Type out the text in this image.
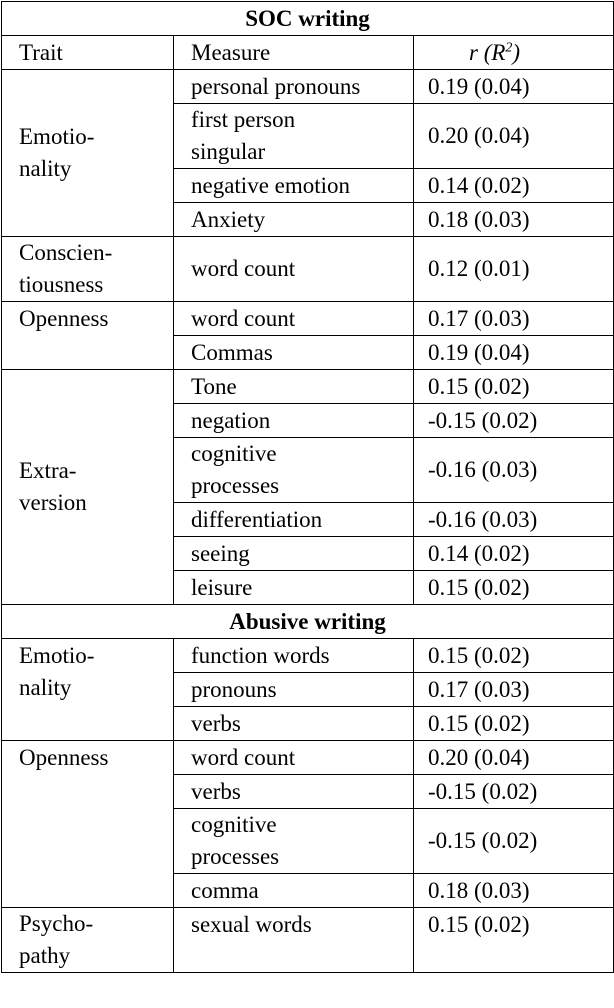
SOC writing		
Trait	Measure	r $(R^2)$
Emotio-
nality	personal pronouns	0.19 (0.04)
	first person
singular	0.20 (0.04)
	negative emotion	0.14 (0.02)
	Anxiety	0.18 (0.03)
Conscien-
tiousness	word count	0.12 (0.01)
Openness	word count	0.17 (0.03)
	Commas	0.19 (0.04)
Extra-
version	Tone	0.15 (0.02)
	negation	-0.15 (0.02)
	cognitive
processes	-0.16 (0.03)
	differentiation	-0.16 (0.03)
	seeing	0.14 (0.02)
	leisure	0.15 (0.02)
Abusive writing		
Emotio-
nality	function words	0.15 (0.02)
	pronouns	0.17 (0.03)
	verbs	0.15 (0.02)
Openness	word count	0.20 (0.04)
	verbs	-0.15 (0.02)
	cognitive
processes	-0.15 (0.02)
	comma	0.18 (0.03)
Psycho-
pathy	sexual words	0.15 (0.02)
